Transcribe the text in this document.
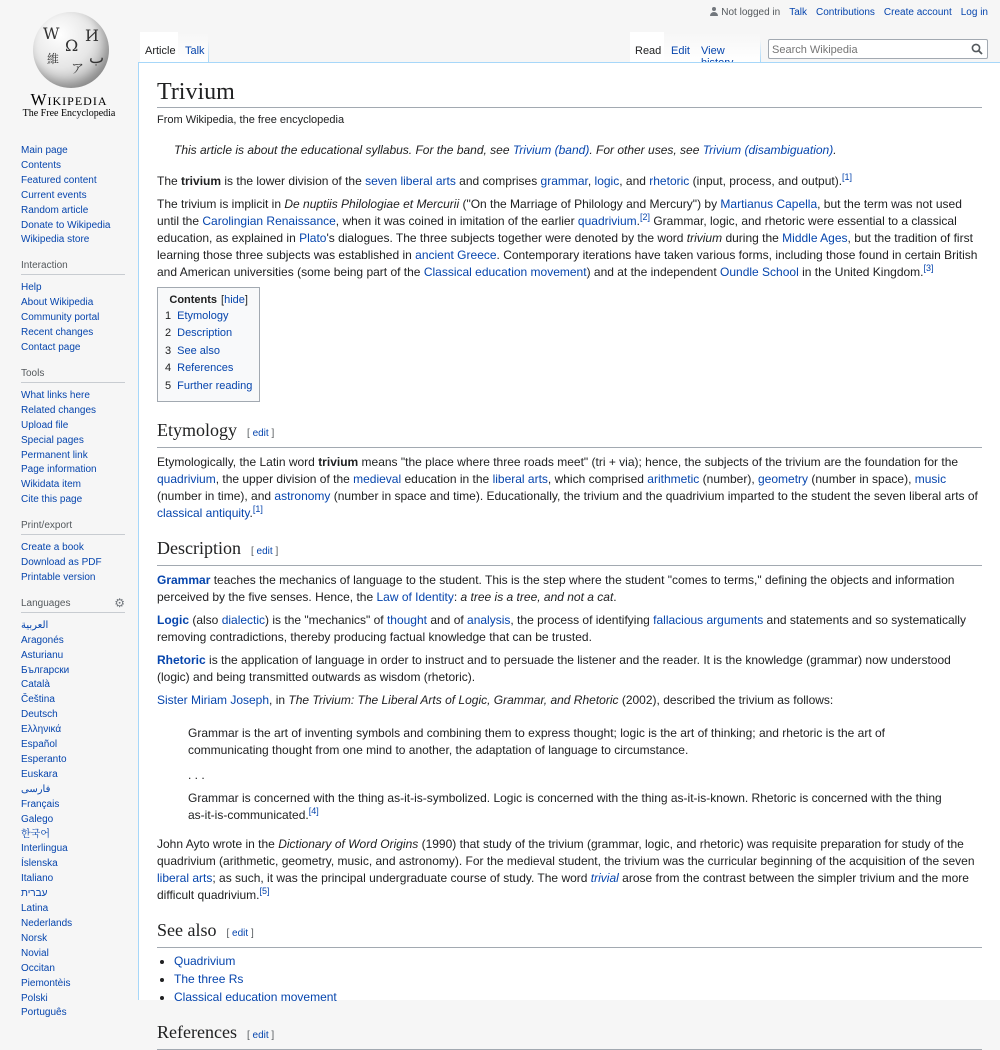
W
Ω
И
維
ア
ب
Wikipedia
The Free Encyclopedia
Not logged in Talk Contributions Create account Log in
Article Talk	Read Edit	View
Search Wikipedia
Main page
Contents
Featured content
Current events
Random article
Donate to Wikipedia
Wikipedia store
Interaction
Help
About Wikipedia
Community portal
Recent changes
Contact page
Tools
What links here
Related changes
Upload file
Special pages
Permanent link
Page information
Wikidata item
Cite this page
Print/export
Create a book
Download as PDF
Printable version
Languages	⚙
العربية
Aragonés
Asturianu
Български
Català
Čeština
Deutsch
Ελληνικά
Español
Esperanto
Euskara
فارسی
Français
Galego
한국어
Interlingua
Íslenska
Italiano
עברית
Latina
Nederlands
Norsk
Novial
Occitan
Piemontèis
Polski
Português
Trivium
From Wikipedia, the free encyclopedia
This article is about the educational syllabus. For the band, see Trivium (band). For other uses, see Trivium (disambiguation).

The trivium is the lower division of the seven liberal arts and comprises grammar, logic, and rhetoric (input, process, and output).[1]

The trivium is implicit in De nuptiis Philologiae et Mercurii ("On the Marriage of Philology and Mercury") by Martianus Capella, but the term was not used until the Carolingian Renaissance, when it was coined in imitation of the earlier quadrivium.[2] Grammar, logic, and rhetoric were essential to a classical education, as explained in Plato's dialogues. The three subjects together were denoted by the word trivium during the Middle Ages, but the tradition of first learning those three subjects was established in ancient Greece. Contemporary iterations have taken various forms, including those found in certain British and American universities (some being part of the Classical education movement) and at the independent Oundle School in the United Kingdom.[3]

Contents [hide]
1 Etymology
2 Description
3 See also
4 References
5 Further reading
Etymology [ edit ]

Etymologically, the Latin word trivium means "the place where three roads meet" (tri + via); hence, the subjects of the trivium are the foundation for the quadrivium, the upper division of the medieval education in the liberal arts, which comprised arithmetic (number), geometry (number in space), music (number in time), and astronomy (number in space and time). Educationally, the trivium and the quadrivium imparted to the student the seven liberal arts of classical antiquity.[1]

Description [ edit ]

Grammar teaches the mechanics of language to the student. This is the step where the student "comes to terms," defining the objects and information perceived by the five senses. Hence, the Law of Identity: a tree is a tree, and not a cat.

Logic (also dialectic) is the "mechanics" of thought and of analysis, the process of identifying fallacious arguments and statements and so systematically removing contradictions, thereby producing factual knowledge that can be trusted.

Rhetoric is the application of language in order to instruct and to persuade the listener and the reader. It is the knowledge (grammar) now understood (logic) and being transmitted outwards as wisdom (rhetoric).

Sister Miriam Joseph, in The Trivium: The Liberal Arts of Logic, Grammar, and Rhetoric (2002), described the trivium as follows:

Grammar is the art of inventing symbols and combining them to express thought; logic is the art of thinking; and rhetoric is the art of communicating thought from one mind to another, the adaptation of language to circumstance.

. . .

Grammar is concerned with the thing as-it-is-symbolized. Logic is concerned with the thing as-it-is-known. Rhetoric is concerned with the thing as-it-is-communicated.[4]

John Ayto wrote in the Dictionary of Word Origins (1990) that study of the trivium (grammar, logic, and rhetoric) was requisite preparation for study of the quadrivium (arithmetic, geometry, music, and astronomy). For the medieval student, the trivium was the curricular beginning of the acquisition of the seven liberal arts; as such, it was the principal undergraduate course of study. The word trivial arose from the contrast between the simpler trivium and the more difficult quadrivium.[5]

See also [ edit ]
• Quadrivium
• The three Rs
• Classical education movement
References [ edit ]
